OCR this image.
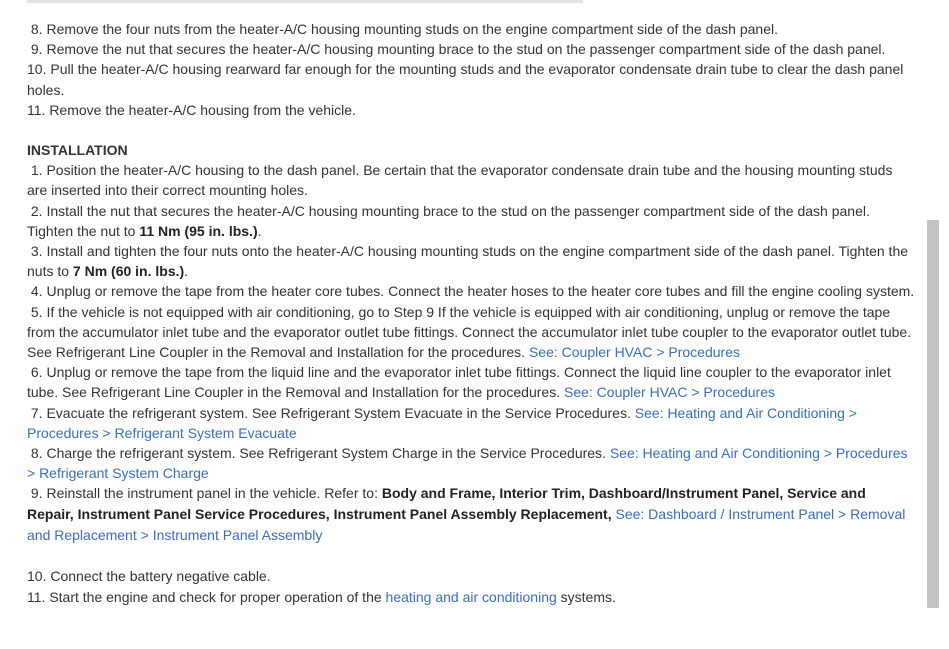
8. Remove the four nuts from the heater-A/C housing mounting studs on the engine compartment side of the dash panel.
9. Remove the nut that secures the heater-A/C housing mounting brace to the stud on the passenger compartment side of the dash panel.
10. Pull the heater-A/C housing rearward far enough for the mounting studs and the evaporator condensate drain tube to clear the dash panel holes.
11. Remove the heater-A/C housing from the vehicle.
INSTALLATION
1. Position the heater-A/C housing to the dash panel. Be certain that the evaporator condensate drain tube and the housing mounting studs are inserted into their correct mounting holes.
2. Install the nut that secures the heater-A/C housing mounting brace to the stud on the passenger compartment side of the dash panel. Tighten the nut to 11 Nm (95 in. lbs.).
3. Install and tighten the four nuts onto the heater-A/C housing mounting studs on the engine compartment side of the dash panel. Tighten the nuts to 7 Nm (60 in. lbs.).
4. Unplug or remove the tape from the heater core tubes. Connect the heater hoses to the heater core tubes and fill the engine cooling system.
5. If the vehicle is not equipped with air conditioning, go to Step 9 If the vehicle is equipped with air conditioning, unplug or remove the tape from the accumulator inlet tube and the evaporator outlet tube fittings. Connect the accumulator inlet tube coupler to the evaporator outlet tube. See Refrigerant Line Coupler in the Removal and Installation for the procedures. See: Coupler HVAC > Procedures
6. Unplug or remove the tape from the liquid line and the evaporator inlet tube fittings. Connect the liquid line coupler to the evaporator inlet tube. See Refrigerant Line Coupler in the Removal and Installation for the procedures. See: Coupler HVAC > Procedures
7. Evacuate the refrigerant system. See Refrigerant System Evacuate in the Service Procedures. See: Heating and Air Conditioning > Procedures > Refrigerant System Evacuate
8. Charge the refrigerant system. See Refrigerant System Charge in the Service Procedures. See: Heating and Air Conditioning > Procedures > Refrigerant System Charge
9. Reinstall the instrument panel in the vehicle. Refer to: Body and Frame, Interior Trim, Dashboard/Instrument Panel, Service and Repair, Instrument Panel Service Procedures, Instrument Panel Assembly Replacement, See: Dashboard / Instrument Panel > Removal and Replacement > Instrument Panel Assembly
10. Connect the battery negative cable.
11. Start the engine and check for proper operation of the heating and air conditioning systems.
